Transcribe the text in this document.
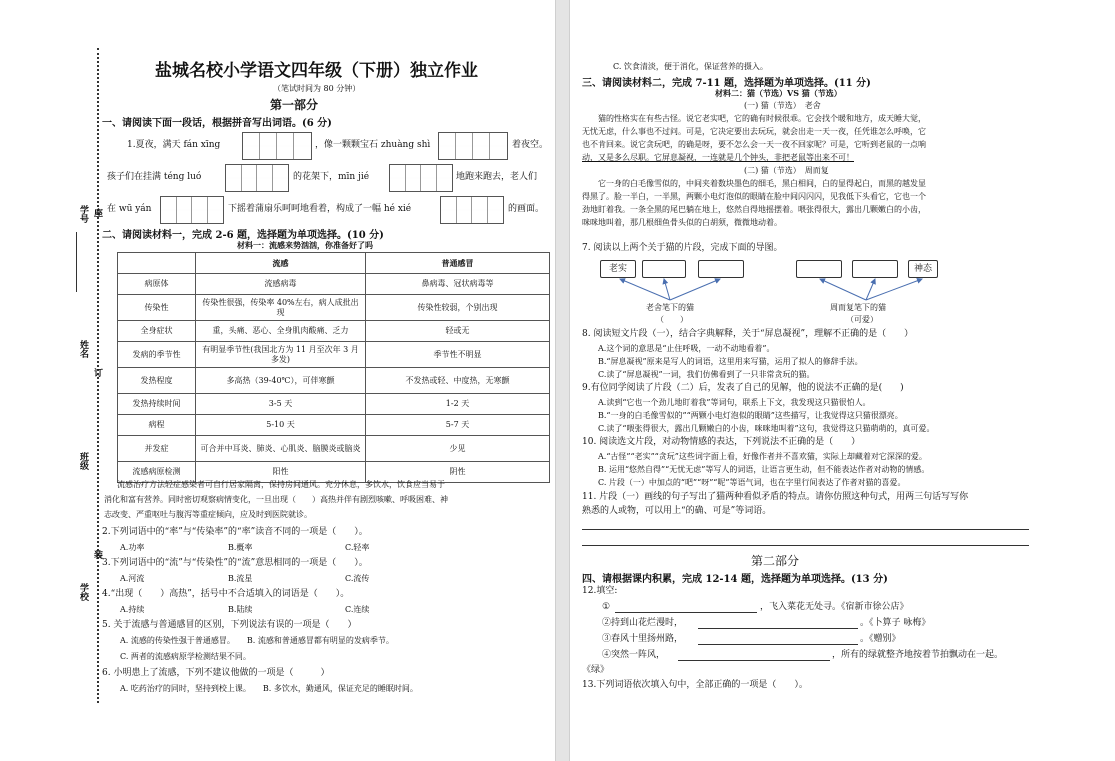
学号 座
姓名
订
班级
装
学校
盐城名校小学语文四年级（下册）独立作业
（笔试时间为 80 分钟）
第一部分
一、请阅读下面一段话，根据拼音写出词语。(6 分)
1.夏夜，满天 fán xīng	，像一颗颗宝石 zhuàng shì	着夜空。
孩子们在挂满 téng luó	的花架下，mīn jié	地跑来跑去，老人们
在 wū yán	下摇着蒲扇乐呵呵地看着，构成了一幅 hé xié	的画面。
二、请阅读材料一，完成 2-6 题，选择题为单项选择。(10 分)
材料一：流感来势汹汹，你准备好了吗
	流感	普通感冒
病原体	流感病毒	鼻病毒、冠状病毒等
传染性	传染性很强，传染率 40%左右，病人成批出现	传染性较弱，个别出现
全身症状	重，头痛、恶心、全身肌肉酸痛、乏力	轻或无
发病的季节性	有明显季节性(我国北方为 11 月至次年 3 月多发)	季节性不明显
发热程度	多高热（39-40℃），可伴寒颤	不发热或轻、中度热，无寒颤
发热持续时间	3-5 天	1-2 天
病程	5-10 天	5-7 天
并发症	可合并中耳炎、肺炎、心肌炎、脑膜炎或脑炎	少见
流感病原检测	阳性	阴性
流感治疗方法轻症感染者可自行居家隔离，保持房间通风。充分休息，多饮水，饮食应当易于
消化和富有营养。同时密切观察病情变化，一旦出现（　　）高热并伴有剧烈咳嗽、呼吸困难、神
志改变、严重呕吐与腹泻等重症倾向，应及时到医院就诊。
2.下列词语中的“率”与“传染率”的“率”读音不同的一项是（　　）。
A.功率	B.概率	C.轻率
3.下列词语中的“流”与“传染性”的“流”意思相同的一项是（　　）。
A.河流	B.流星	C.流传
4.“出现（　　）高热”，括号中不合适填入的词语是（　　）。
A.持续	B.陆续	C.连续
5. 关于流感与普通感冒的区别，下列说法有误的一项是（　　）
A. 流感的传染性强于普通感冒。　　B. 流感和普通感冒都有明显的发病季节。
C. 两者的流感病原学检测结果不同。
6. 小明患上了流感，下列不建议他做的一项是（　　　）
A. 吃药治疗的同时，坚持到校上课。　　B. 多饮水，勤通风，保证充足的睡眠时间。
C. 饮食清淡，便于消化，保证营养的摄入。
三、请阅读材料二，完成 7-11 题，选择题为单项选择。(11 分)
材料二：猫（节选）VS 猫（节选）
(一) 猫（节选）　老舍
猫的性格实在有些古怪。说它老实吧，它的确有时候很乖。它会找个暖和地方，成天睡大觉，
无忧无虑，什么事也不过问。可是，它决定要出去玩玩，就会出走一天一夜，任凭谁怎么呼唤，它
也不肯回来。说它贪玩吧，的确是呀，要不怎么会一天一夜不回家呢？可是，它听到老鼠的一点响
动，又是多么尽职。它屏息凝视，一连就是几个钟头，非把老鼠等出来不可！
(二) 猫（节选）　周而复
它一身的白毛像雪似的，中间夹着数块墨色的细毛，黑白相间，白的显得起白，而黑的越发显
得黑了。脸一半白，一半黑，两颗小电灯泡似的眼睛在脸中间闪闪闪，见我低下头看它，它也一个
劲地盯着我。一条全黑的尾巴躺在地上，悠然自得地摇摆着。喂张得很大，露出几颗嫩白的小齿，
咪咪地叫着，那几根细鱼骨头似的白胡须，微微地动着。
7. 阅读以上两个关于猫的片段，完成下面的导图。
老实	神态
老舍笔下的猫
（　　）
周而复笔下的猫
（可爱）
8. 阅读短文片段（一），结合字典解释，关于“屏息凝视”，理解不正确的是（　　）
A.这个词的意思是“止住呼吸，一动不动地看着”。
B.“屏息凝视”原来是写人的词语，这里用来写猫，运用了拟人的修辞手法。
C.读了“屏息凝视”一词，我们仿佛看到了一只非常贪玩的猫。
9.有位同学阅读了片段（二）后，发表了自己的见解，他的说法不正确的是(　　)
A.读到“它也一个劲儿地盯着我”等词句，联系上下文，我发现这只猫很怕人。
B.“一身的白毛像雪似的”“两颗小电灯泡似的眼睛”这些描写，让我觉得这只猫很漂亮。
C.读了“喂张得很大，露出几颗嫩白的小齿，咪咪地叫着”这句，我觉得这只猫萌萌的，真可爱。
10. 阅读选文片段，对动物情感的表达，下列说法不正确的是（　　）
A.“古怪”“老实”“贪玩”这些词字面上看，好像作者并不喜欢猫，实际上却藏着对它深深的爱。
B. 运用“悠然自得”“无忧无虑”等写人的词语，让语言更生动，但不能表达作者对动物的情感。
C. 片段（一）中加点的“吧”“呀”“呢”等语气词，也在字里行间表达了作者对猫的喜爱。
11. 片段（一）画线的句子写出了猫两种看似矛盾的特点。请你仿照这种句式，用两三句话写写你
熟悉的人或物，可以用上“的确、可是”等词语。
第二部分
四、请根据课内积累，完成 12-14 题，选择题为单项选择。(13 分)
12.填空:
①	，飞入菜花无处寻。《宿新市徐公店》
②持到山花烂漫时，	。《卜算子 咏梅》
③春风十里扬州路，	。《赠别》
④突然一阵风，	，所有的绿就整齐地按着节拍飘动在一起。
《绿》
13.下列词语依次填入句中，全部正确的一项是（　　）。
